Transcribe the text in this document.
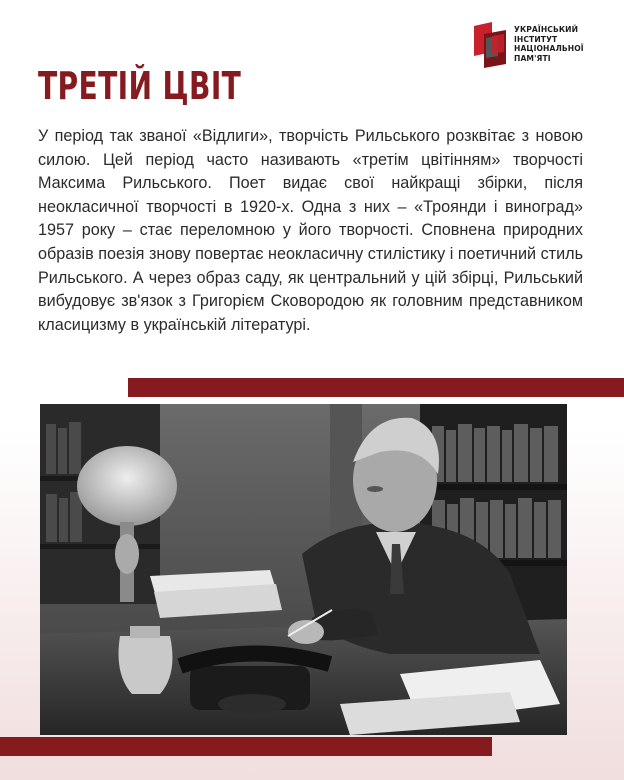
УКРАЇНСЬКИЙ
ІНСТИТУТ
НАЦІОНАЛЬНОЇ
ПАМ'ЯТІ
ТРЕТІЙ ЦВІТ

У період так званої «Відлиги», творчість Рильського розквітає з новою силою. Цей період часто називають «третім цвітінням» творчості Максима Рильського. Поет видає свої найкращі збірки, після неокласичної творчості в 1920-х. Одна з них – «Троянди і виноград» 1957 року – стає переломною у його творчості. Сповнена природних образів поезія знову повертає неокласичну стилістику і поетичний стиль Рильського. А через образ саду, як центральний у цій збірці, Рильський вибудовує зв'язок з Григорієм Сковородою як головним представником класицизму в українській літературі.
